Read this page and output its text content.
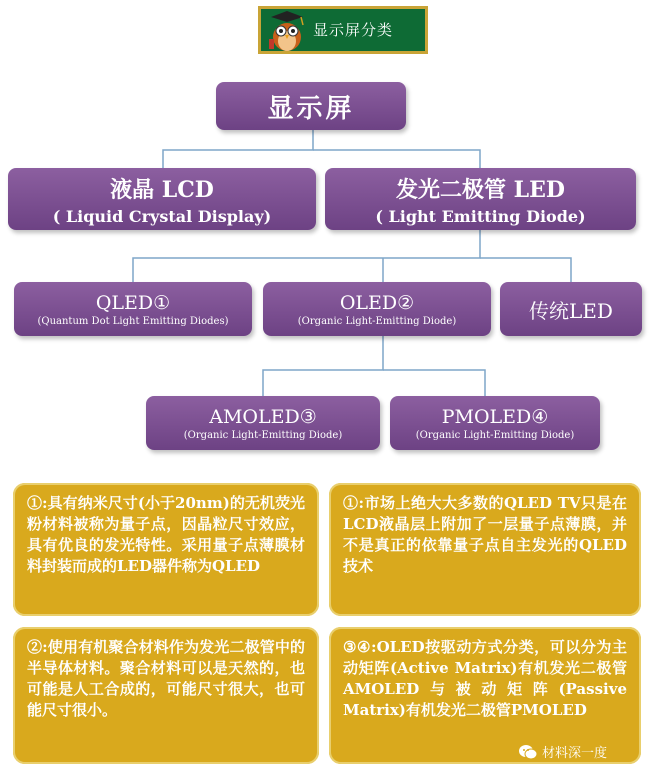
显示屏分类
显示屏
液晶 LCD
( Liquid Crystal Display)
发光二极管 LED
( Light Emitting Diode)
QLED①
(Quantum Dot Light Emitting Diodes)
OLED②
(Organic Light-Emitting Diode)	传统LED
AMOLED③
(Organic Light-Emitting Diode)
PMOLED④
(Organic Light-Emitting Diode)
①:具有纳米尺寸(小于20nm)的无机荧光粉材料被称为量子点，因晶粒尺寸效应，具有优良的发光特性。采用量子点薄膜材料封装而成的LED器件称为QLED
①:市场上绝大大多数的QLED TV只是在LCD液晶层上附加了一层量子点薄膜，并不是真正的依靠量子点自主发光的QLED技术
②:使用有机聚合材料作为发光二极管中的半导体材料。聚合材料可以是天然的，也可能是人工合成的，可能尺寸很大，也可能尺寸很小。
③④:OLED按驱动方式分类，可以分为主动矩阵(Active Matrix)有机发光二极管AMOLED与被动矩阵(Passive Matrix)有机发光二极管PMOLED
材料深一度
